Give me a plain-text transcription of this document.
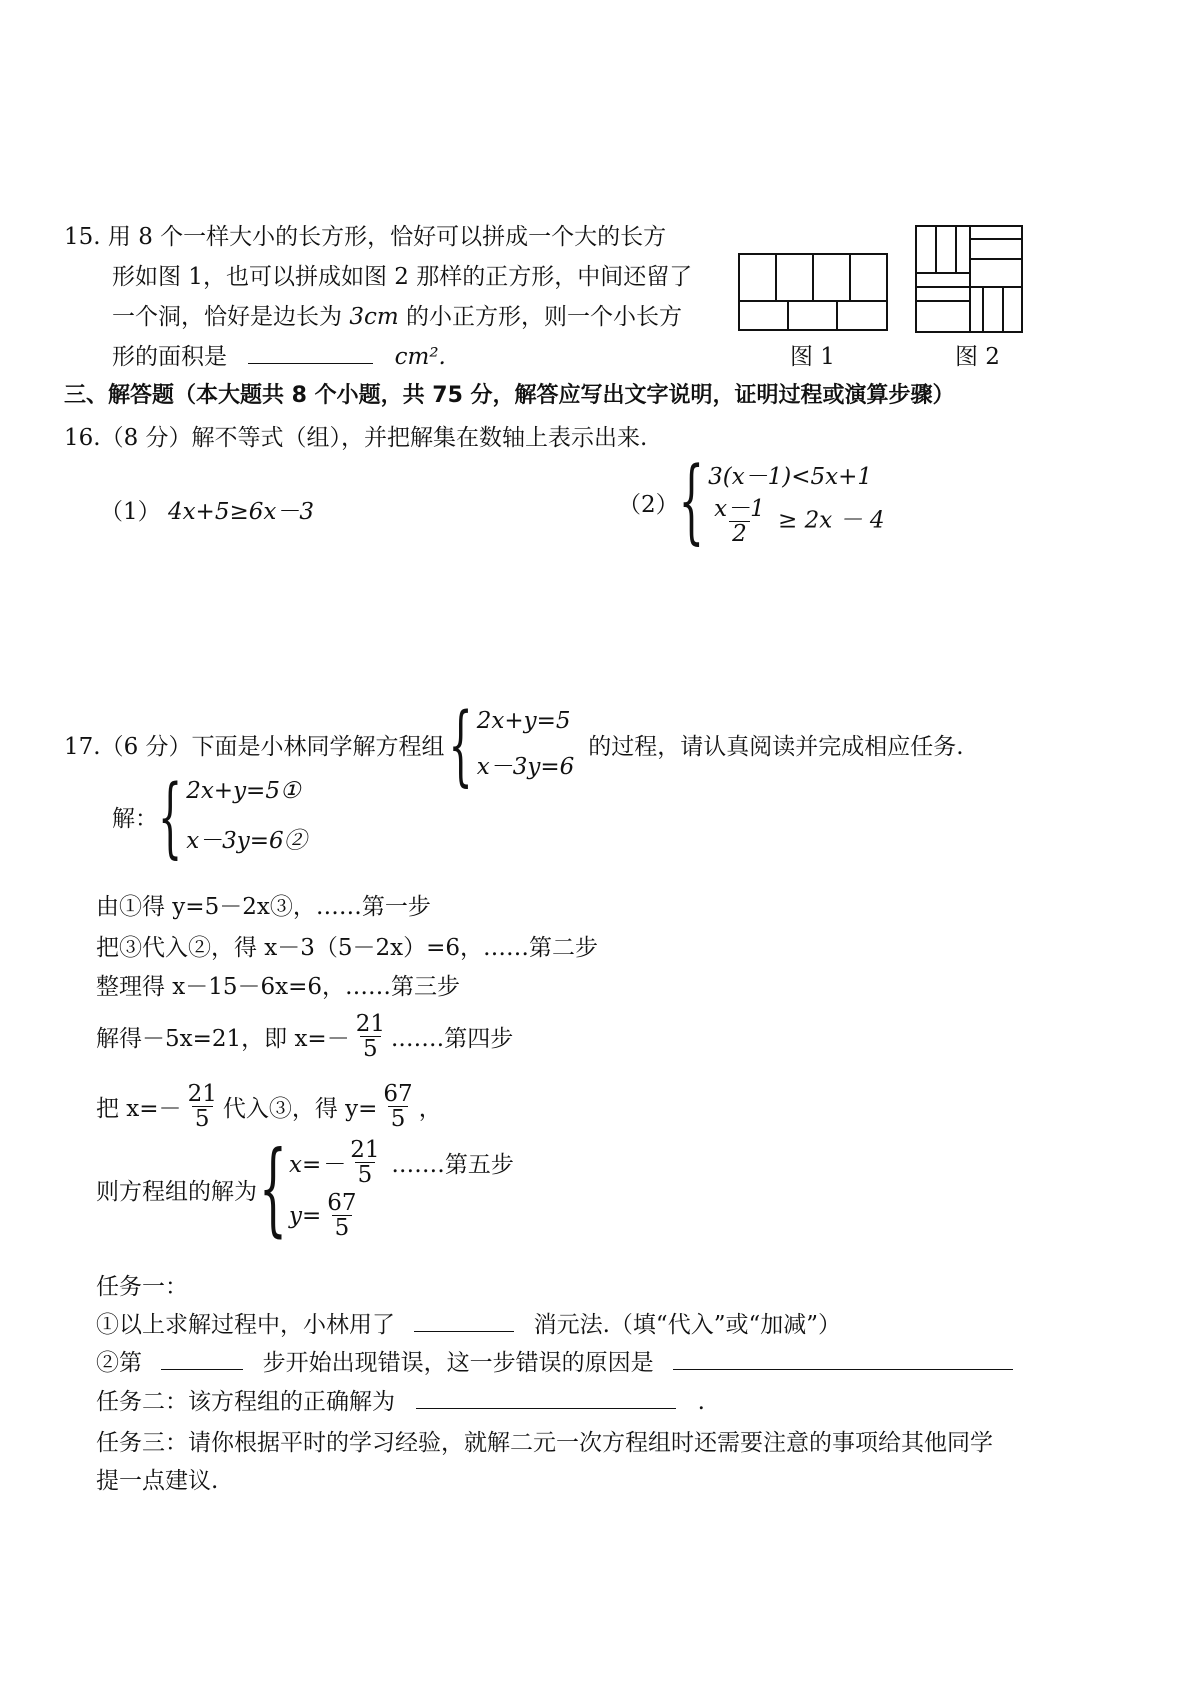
15. 用 8 个一样大小的长方形，恰好可以拼成一个大的长方
形如图 1，也可以拼成如图 2 那样的正方形，中间还留了
一个洞，恰好是边长为 3cm 的小正方形，则一个小长方
形的面积是	cm².	图 1	图 2
三、解答题（本大题共 8 个小题，共 75 分，解答应写出文字说明，证明过程或演算步骤）
16.（8 分）解不等式（组），并把解集在数轴上表示出来.
（1） 4x+5≥6x－3	（2） { 3(x－1)<5x+1
$\frac{x-1}{2} \ge 2x - 4$
17.（6 分）下面是小林同学解方程组 { 2x+y=5
x－3y=6
的过程，请认真阅读并完成相应任务.
解： { 2x+y=5①
x－3y=6②
由①得 y=5－2x③，……第一步
把③代入②，得 x－3（5－2x）=6，……第二步
整理得 x－15－6x=6，……第三步
解得－5x=21，即 $x=- \frac{21}{5}$ .……第四步
把 $x=- \frac{21}{5}$ 代入③，得 $y= \frac{67}{5}$ ，
则方程组的解为 { $x=- \frac{21}{5}$ .……第五步
$y= \frac{67}{5}$
任务一：
①以上求解过程中，小林用了	消元法.（填“代入”或“加减”）
②第	步开始出现错误，这一步错误的原因是
任务二：该方程组的正确解为	.
任务三：请你根据平时的学习经验，就解二元一次方程组时还需要注意的事项给其他同学
提一点建议.
